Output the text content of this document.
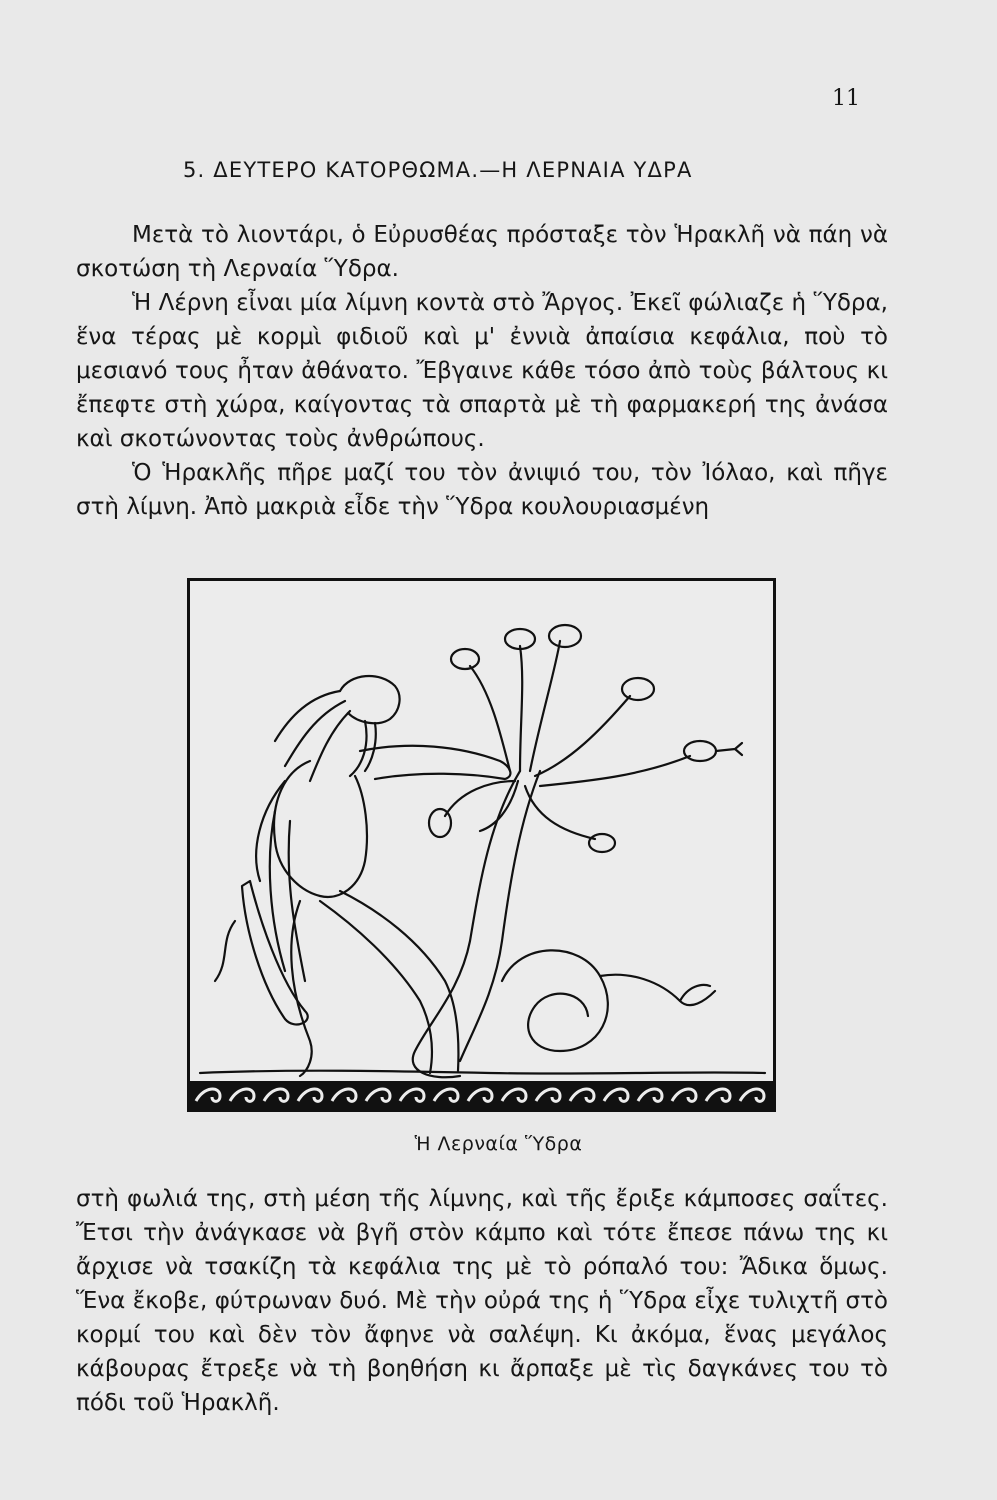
11
5. ΔΕΥΤΕΡΟ ΚΑΤΟΡΘΩΜΑ.—Η ΛΕΡΝΑΙΑ ΥΔΡΑ

Μετὰ τὸ λιοντάρι, ὁ Εὐρυσθέας πρόσταξε τὸν Ἡρακλῆ νὰ πάη νὰ σκοτώση τὴ Λερναία Ὕδρα.

Ἡ Λέρνη εἶναι μία λίμνη κοντὰ στὸ Ἄργος. Ἐκεῖ φώλιαζε ἡ Ὕδρα, ἕνα τέρας μὲ κορμὶ φιδιοῦ καὶ μ' ἐννιὰ ἀπαίσια κεφάλια, ποὺ τὸ μεσιανό τους ἦταν ἀθάνατο. Ἔβγαινε κάθε τόσο ἀπὸ τοὺς βάλτους κι ἔπεφτε στὴ χώρα, καίγοντας τὰ σπαρτὰ μὲ τὴ φαρμακερή της ἀνάσα καὶ σκοτώνοντας τοὺς ἀνθρώπους.

Ὁ Ἡρακλῆς πῆρε μαζί του τὸν ἀνιψιό του, τὸν Ἰόλαο, καὶ πῆγε στὴ λίμνη. Ἀπὸ μακριὰ εἶδε τὴν Ὕδρα κουλουριασμένη

Ἡ Λερναία Ὕδρα

στὴ φωλιά της, στὴ μέση τῆς λίμνης, καὶ τῆς ἔριξε κάμποσες σαΐτες. Ἔτσι τὴν ἀνάγκασε νὰ βγῆ στὸν κάμπο καὶ τότε ἔπεσε πάνω της κι ἄρχισε νὰ τσακίζη τὰ κεφάλια της μὲ τὸ ρόπαλό του: Ἄδικα ὅμως. Ἕνα ἔκοβε, φύτρωναν δυό. Μὲ τὴν οὐρά της ἡ Ὕδρα εἶχε τυλιχτῆ στὸ κορμί του καὶ δὲν τὸν ἄφηνε νὰ σαλέψη. Κι ἀκόμα, ἕνας μεγάλος κάβουρας ἔτρεξε νὰ τὴ βοηθήση κι ἄρπαξε μὲ τὶς δαγκάνες του τὸ πόδι τοῦ Ἡρακλῆ.
